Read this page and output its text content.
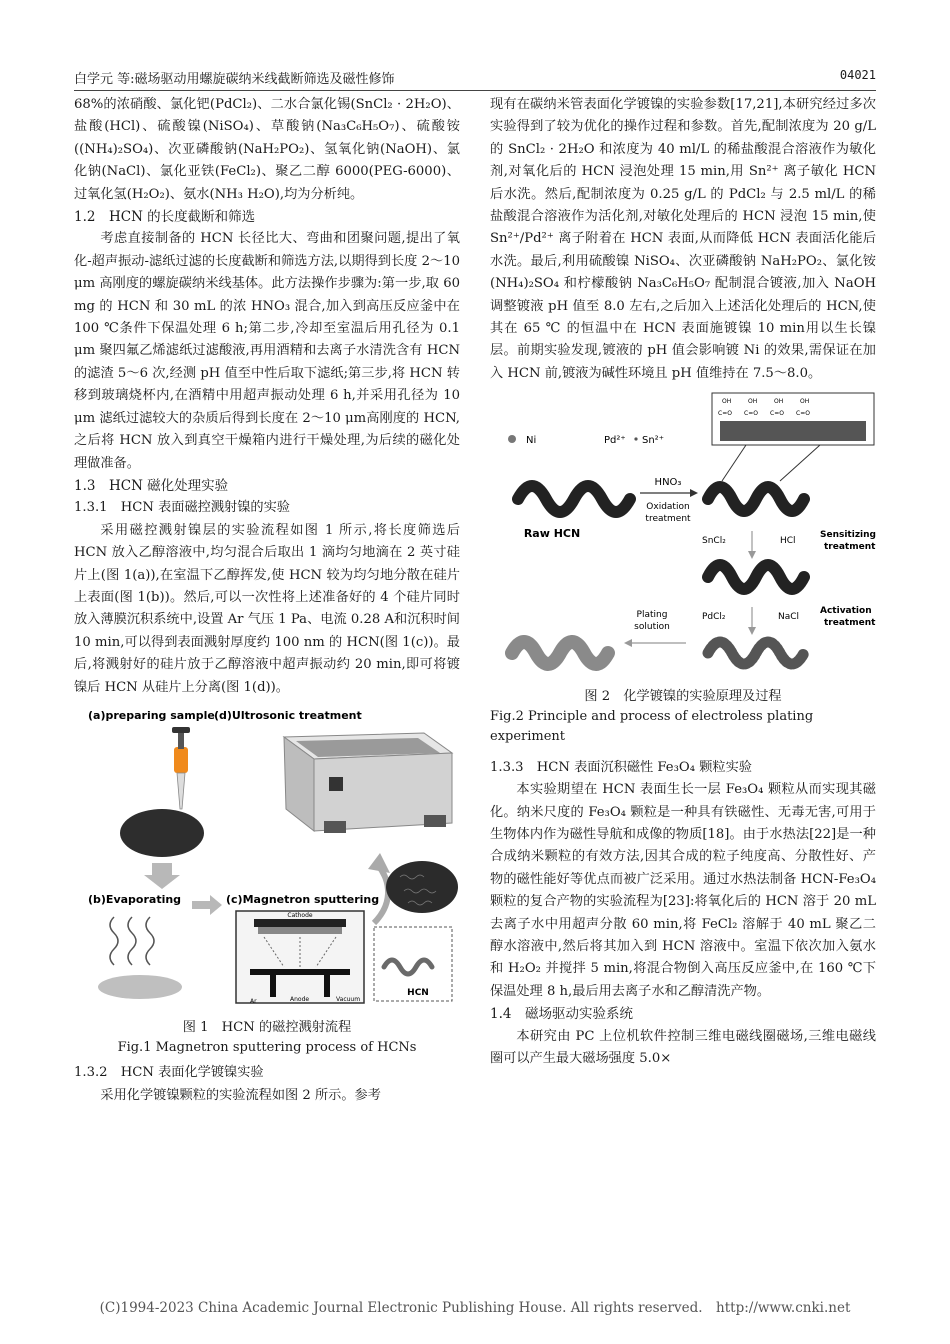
白学元 等:磁场驱动用螺旋碳纳米线截断筛选及磁性修饰	04021

68%的浓硝酸、氯化钯(PdCl₂)、二水合氯化锡(SnCl₂ · 2H₂O)、盐酸(HCl)、硫酸镍(NiSO₄)、草酸钠(Na₃C₆H₅O₇)、硫酸铵((NH₄)₂SO₄)、次亚磷酸钠(NaH₂PO₂)、氢氧化钠(NaOH)、氯化钠(NaCl)、氯化亚铁(FeCl₂)、聚乙二醇 6000(PEG-6000)、过氧化氢(H₂O₂)、氨水(NH₃ H₂O),均为分析纯。

1.2　HCN 的长度截断和筛选

考虑直接制备的 HCN 长径比大、弯曲和团聚问题,提出了氧化-超声振动-滤纸过滤的长度截断和筛选方法,以期得到长度 2～10 μm 高刚度的螺旋碳纳米线基体。此方法操作步骤为:第一步,取 60 mg 的 HCN 和 30 mL 的浓 HNO₃ 混合,加入到高压反应釜中在 100 ℃条件下保温处理 6 h;第二步,冷却至室温后用孔径为 0.1 μm 聚四氟乙烯滤纸过滤酸液,再用酒精和去离子水清洗含有 HCN 的滤渣 5～6 次,经测 pH 值至中性后取下滤纸;第三步,将 HCN 转移到玻璃烧杯内,在酒精中用超声振动处理 6 h,并采用孔径为 10 μm 滤纸过滤较大的杂质后得到长度在 2～10 μm高刚度的 HCN,之后将 HCN 放入到真空干燥箱内进行干燥处理,为后续的磁化处理做准备。

1.3　HCN 磁化处理实验

1.3.1　HCN 表面磁控溅射镍的实验

采用磁控溅射镍层的实验流程如图 1 所示,将长度筛选后 HCN 放入乙醇溶液中,均匀混合后取出 1 滴均匀地滴在 2 英寸硅片上(图 1(a)),在室温下乙醇挥发,使 HCN 较为均匀地分散在硅片上表面(图 1(b))。然后,可以一次性将上述准备好的 4 个硅片同时放入薄膜沉积系统中,设置 Ar 气压 1 Pa、电流 0.28 A和沉积时间 10 min,可以得到表面溅射厚度约 100 nm 的 HCN(图 1(c))。最后,将溅射好的硅片放于乙醇溶液中超声振动约 20 min,即可将镀镍后 HCN 从硅片上分离(图 1(d))。

(a)preparing sample
(b)Evaporating
(d)Ultrosonic treatment
(c)Magnetron sputtering
Cathode
Ar	Anode	Vacuum
HCN

图 1　HCN 的磁控溅射流程

Fig.1 Magnetron sputtering process of HCNs

1.3.2　HCN 表面化学镀镍实验

采用化学镀镍颗粒的实验流程如图 2 所示。参考

现有在碳纳米管表面化学镀镍的实验参数[17,21],本研究经过多次实验得到了较为优化的操作过程和参数。首先,配制浓度为 20 g/L 的 SnCl₂ · 2H₂O 和浓度为 40 ml/L 的稀盐酸混合溶液作为敏化剂,对氧化后的 HCN 浸泡处理 15 min,用 Sn²⁺ 离子敏化 HCN 后水洗。然后,配制浓度为 0.25 g/L 的 PdCl₂ 与 2.5 ml/L 的稀盐酸混合溶液作为活化剂,对敏化处理后的 HCN 浸泡 15 min,使 Sn²⁺/Pd²⁺ 离子附着在 HCN 表面,从而降低 HCN 表面活化能后水洗。最后,利用硫酸镍 NiSO₄、次亚磷酸钠 NaH₂PO₂、氯化铵(NH₄)₂SO₄ 和柠檬酸钠 Na₃C₆H₅O₇ 配制混合镀液,加入 NaOH 调整镀液 pH 值至 8.0 左右,之后加入上述活化处理后的 HCN,使其在 65 ℃ 的恒温中在 HCN 表面施镀镍 10 min用以生长镍层。前期实验发现,镀液的 pH 值会影响镀 Ni 的效果,需保证在加入 HCN 前,镀液为碱性环境且 pH 值维持在 7.5～8.0。

Ni	Pd²⁺ Sn²⁺
OH	OH	OH	OH
C=O C=O C=O C=O
Raw HCN
HNO₃
Oxidation
treatment
SnCl₂	HCl
Sensitizing
treatment
PdCl₂	NaCl
Activation
treatment
Plating
solution

图 2　化学镀镍的实验原理及过程

Fig.2 Principle and process of electroless plating experiment

1.3.3　HCN 表面沉积磁性 Fe₃O₄ 颗粒实验

本实验期望在 HCN 表面生长一层 Fe₃O₄ 颗粒从而实现其磁化。纳米尺度的 Fe₃O₄ 颗粒是一种具有铁磁性、无毒无害,可用于生物体内作为磁性导航和成像的物质[18]。由于水热法[22]是一种合成纳米颗粒的有效方法,因其合成的粒子纯度高、分散性好、产物的磁性能好等优点而被广泛采用。通过水热法制备 HCN-Fe₃O₄ 颗粒的复合产物的实验流程为[23]:将氧化后的 HCN 溶于 20 mL 去离子水中用超声分散 60 min,将 FeCl₂ 溶解于 40 mL 聚乙二醇水溶液中,然后将其加入到 HCN 溶液中。室温下依次加入氨水和 H₂O₂ 并搅拌 5 min,将混合物倒入高压反应釜中,在 160 ℃下保温处理 8 h,最后用去离子水和乙醇清洗产物。

1.4　磁场驱动实验系统

本研究由 PC 上位机软件控制三维电磁线圈磁场,三维电磁线圈可以产生最大磁场强度 5.0×

(C)1994-2023 China Academic Journal Electronic Publishing House. All rights reserved.　http://www.cnki.net
